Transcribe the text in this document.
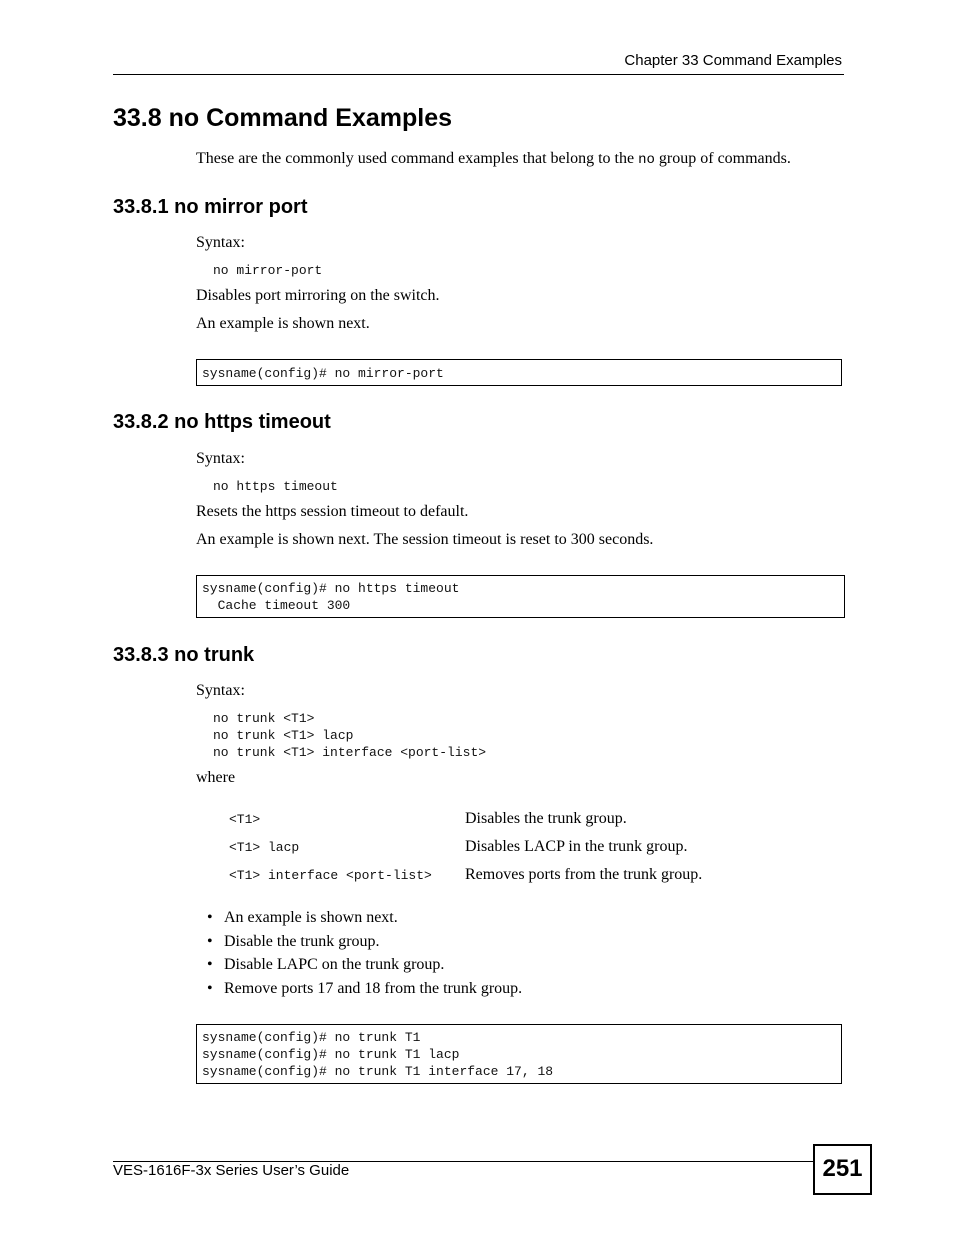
Chapter 33 Command Examples
33.8 no Command Examples
These are the commonly used command examples that belong to the no group of commands.
33.8.1 no mirror port
Syntax:
no mirror-port
Disables port mirroring on the switch.
An example is shown next.
sysname(config)# no mirror-port
33.8.2 no https timeout
Syntax:
no https timeout
Resets the https session timeout to default.
An example is shown next. The session timeout is reset to 300 seconds.
sysname(config)# no https timeout
Cache timeout 300
33.8.3 no trunk
Syntax:
no trunk <T1>
no trunk <T1> lacp
no trunk <T1> interface <port-list>
where
<T1>	Disables the trunk group.
<T1> lacp	Disables LACP in the trunk group.
<T1> interface <port-list> Removes ports from the trunk group.
• An example is shown next.
• Disable the trunk group.
• Disable LAPC on the trunk group.
• Remove ports 17 and 18 from the trunk group.
sysname(config)# no trunk T1
sysname(config)# no trunk T1 lacp
sysname(config)# no trunk T1 interface 17, 18
VES-1616F-3x Series User’s Guide	251
